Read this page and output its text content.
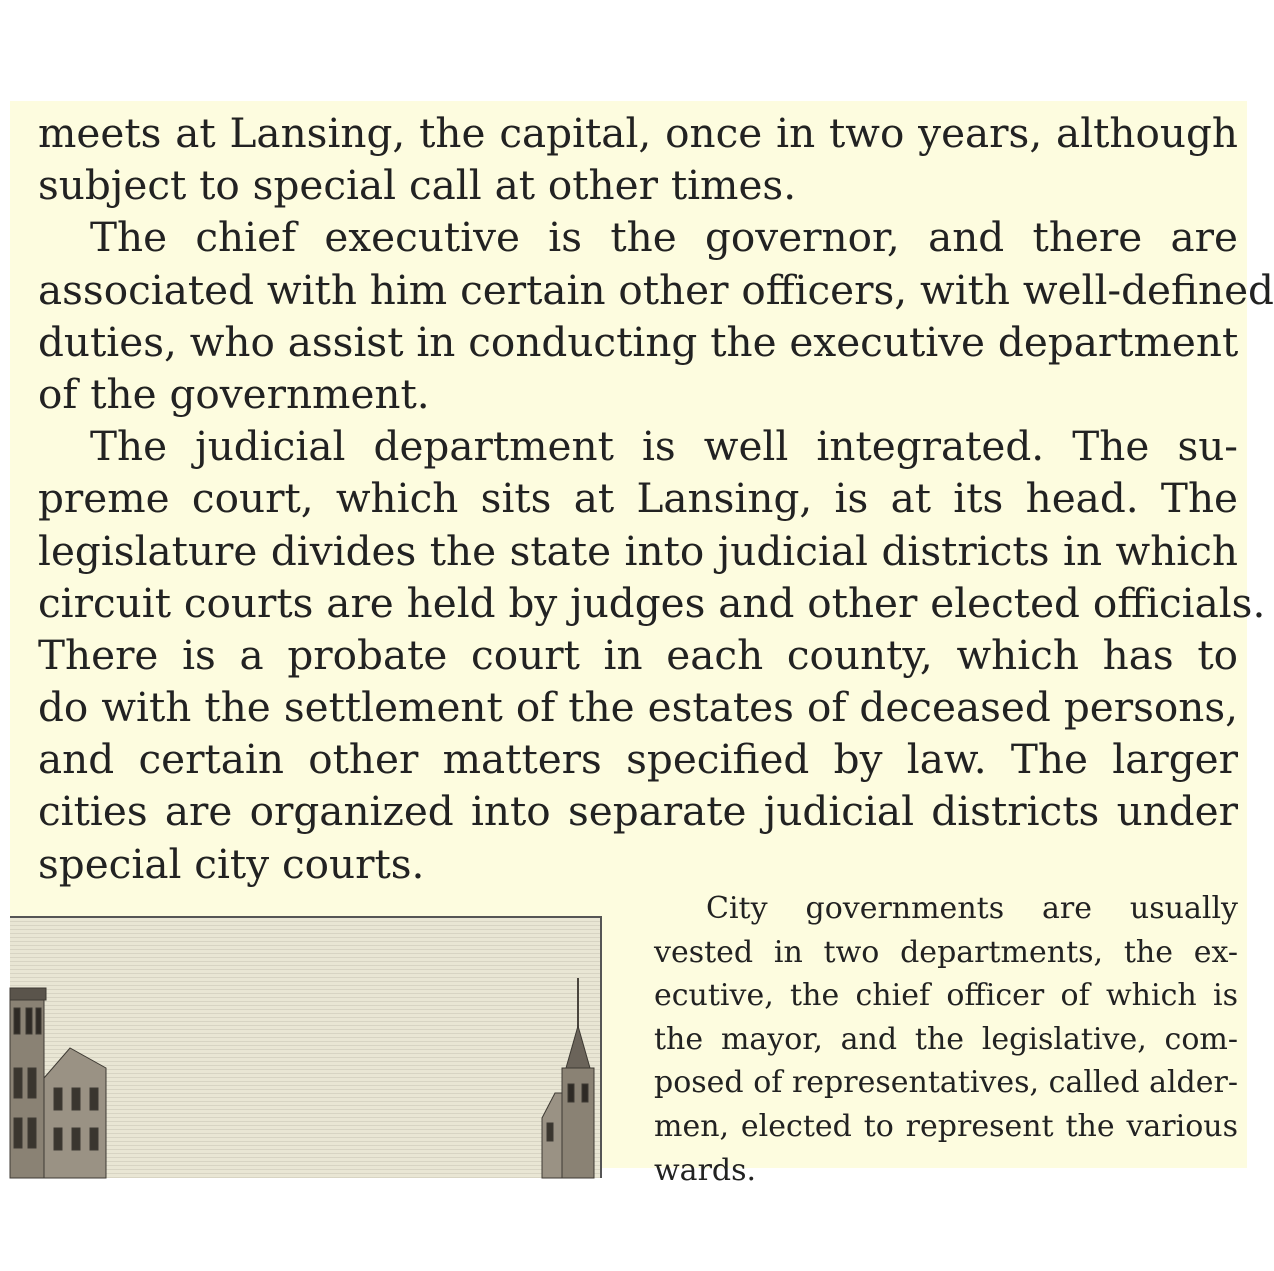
meets at Lansing, the capital, once in two years, although
subject to special call at other times.
The chief executive is the governor, and there are
associated with him certain other officers, with well-defined
duties, who assist in conducting the executive department
of the government.
The judicial department is well integrated. The su-
preme court, which sits at Lansing, is at its head. The
legislature divides the state into judicial districts in which
circuit courts are held by judges and other elected officials.
There is a probate court in each county, which has to
do with the settlement of the estates of deceased persons,
and certain other matters specified by law. The larger
cities are organized into separate judicial districts under
special city courts.
City governments are usually
vested in two departments, the ex-
ecutive, the chief officer of which is
the mayor, and the legislative, com-
posed of representatives, called alder-
men, elected to represent the various
wards.
